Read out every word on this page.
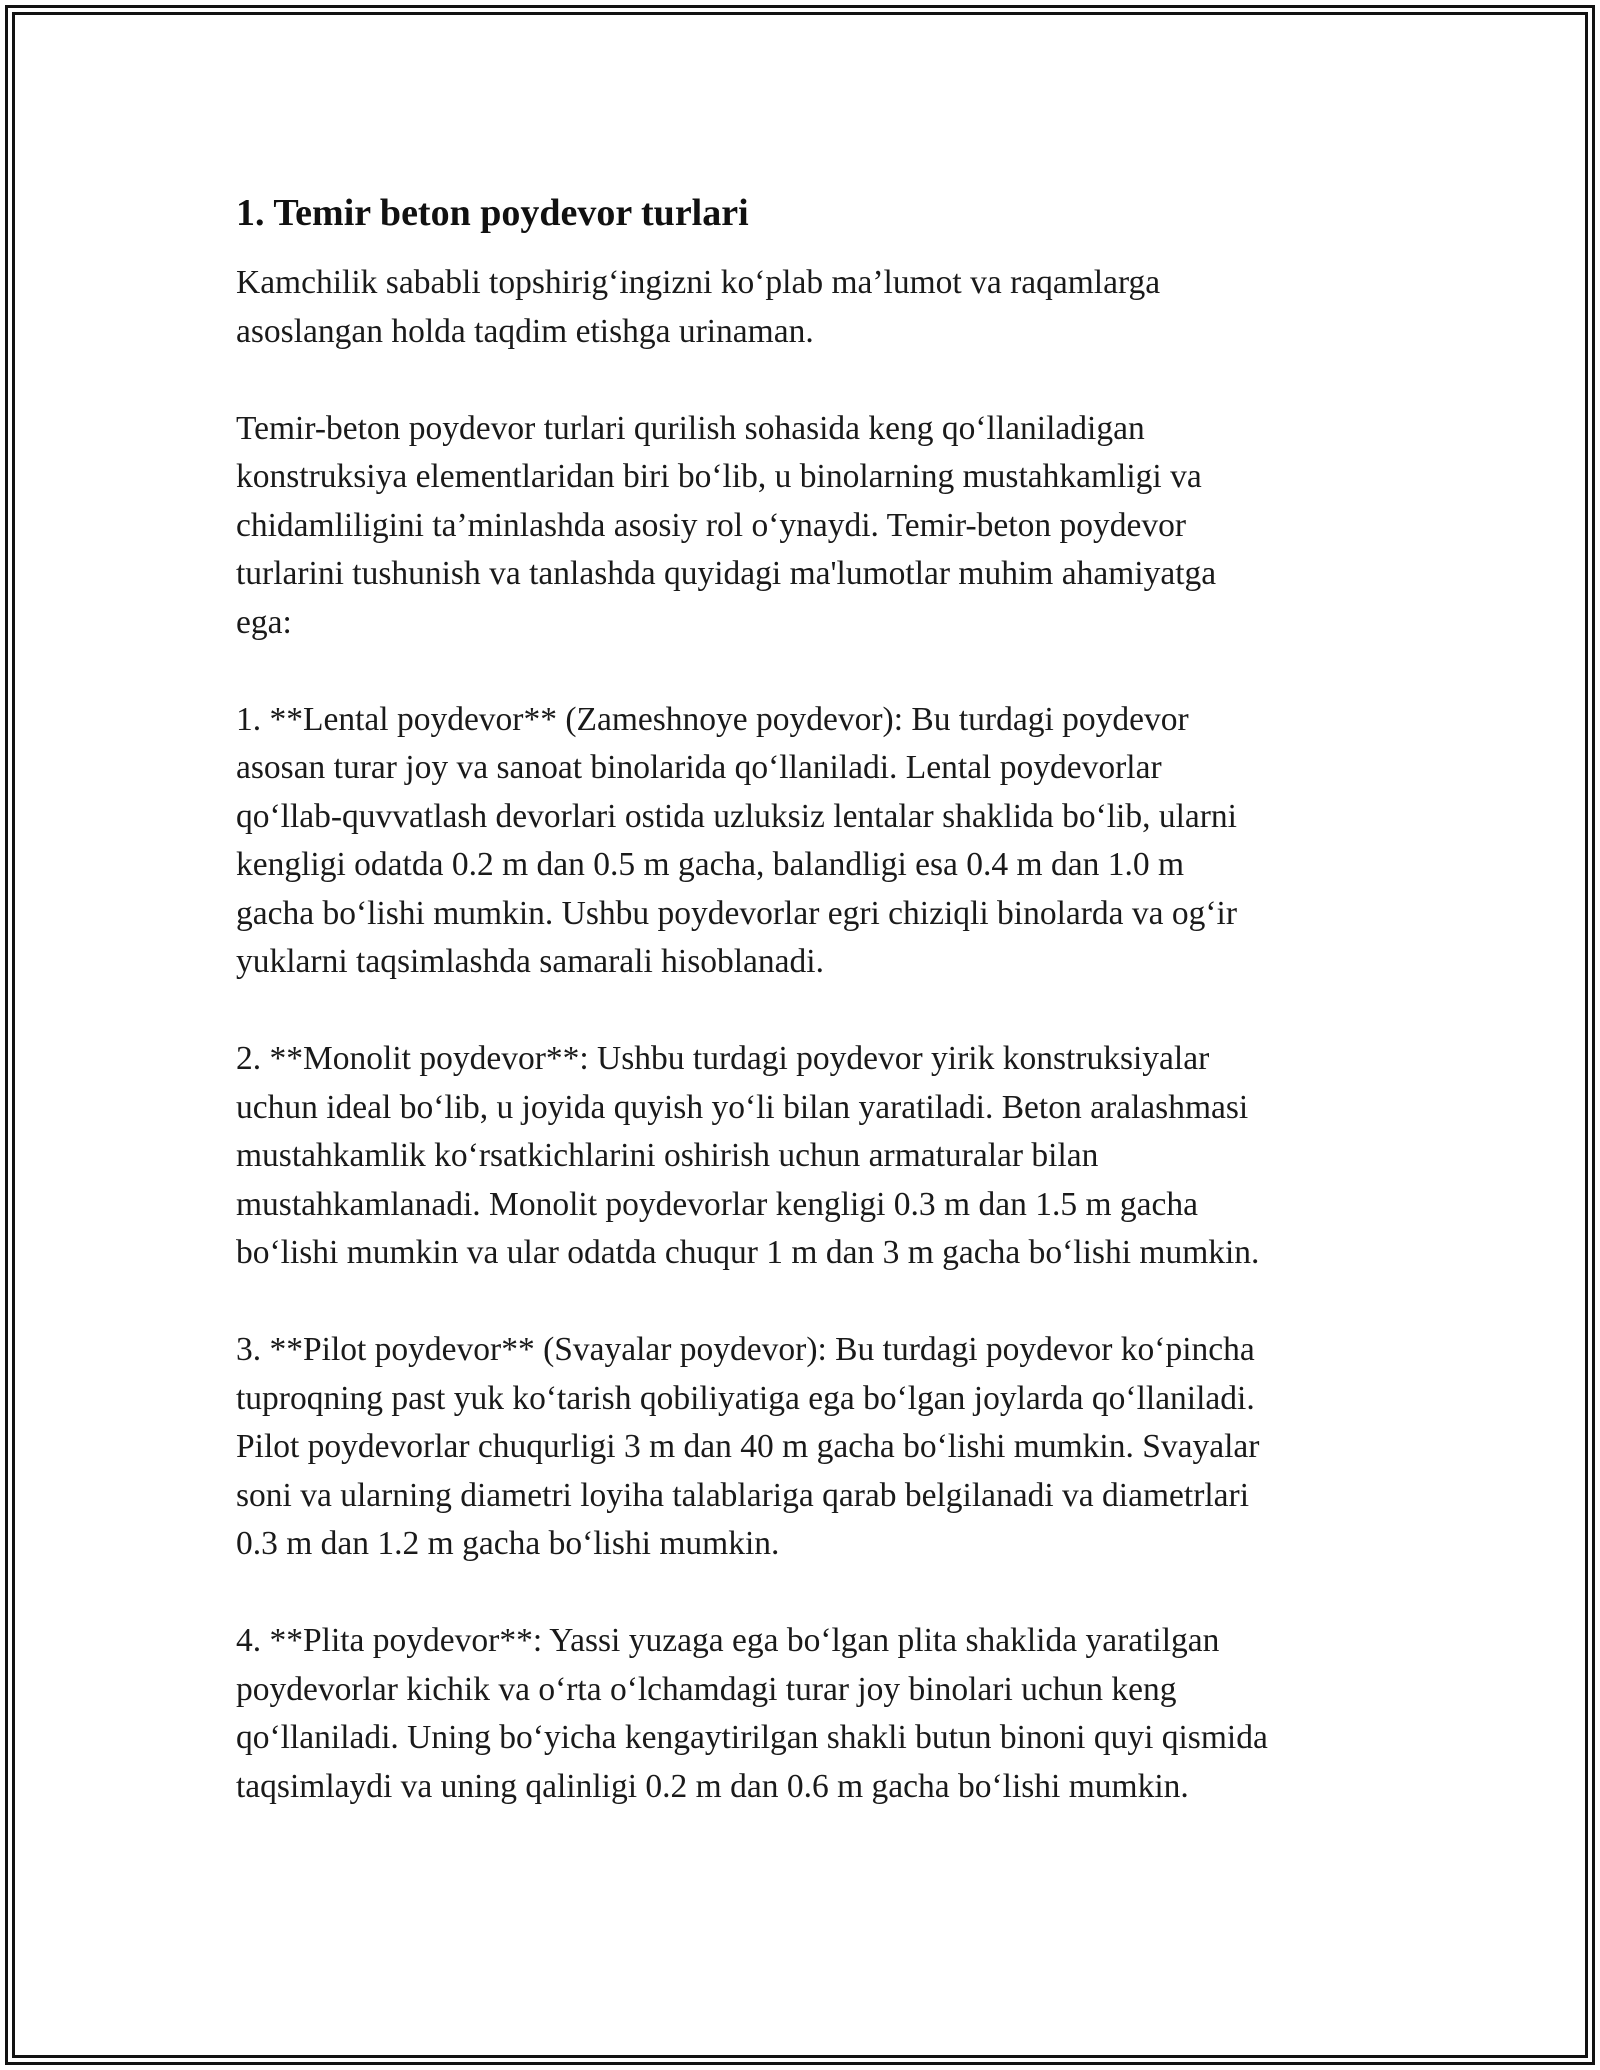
1. Temir beton poydevor turlari

Kamchilik sababli topshirig‘ingizni ko‘plab ma’lumot va raqamlarga
asoslangan holda taqdim etishga urinaman.

Temir-beton poydevor turlari qurilish sohasida keng qo‘llaniladigan
konstruksiya elementlaridan biri bo‘lib, u binolarning mustahkamligi va
chidamliligini ta’minlashda asosiy rol o‘ynaydi. Temir-beton poydevor
turlarini tushunish va tanlashda quyidagi ma'lumotlar muhim ahamiyatga
ega:

1. **Lental poydevor** (Zameshnoye poydevor): Bu turdagi poydevor
asosan turar joy va sanoat binolarida qo‘llaniladi. Lental poydevorlar
qo‘llab-quvvatlash devorlari ostida uzluksiz lentalar shaklida bo‘lib, ularni
kengligi odatda 0.2 m dan 0.5 m gacha, balandligi esa 0.4 m dan 1.0 m
gacha bo‘lishi mumkin. Ushbu poydevorlar egri chiziqli binolarda va og‘ir
yuklarni taqsimlashda samarali hisoblanadi.

2. **Monolit poydevor**: Ushbu turdagi poydevor yirik konstruksiyalar
uchun ideal bo‘lib, u joyida quyish yo‘li bilan yaratiladi. Beton aralashmasi
mustahkamlik ko‘rsatkichlarini oshirish uchun armaturalar bilan
mustahkamlanadi. Monolit poydevorlar kengligi 0.3 m dan 1.5 m gacha
bo‘lishi mumkin va ular odatda chuqur 1 m dan 3 m gacha bo‘lishi mumkin.

3. **Pilot poydevor** (Svayalar poydevor): Bu turdagi poydevor ko‘pincha
tuproqning past yuk ko‘tarish qobiliyatiga ega bo‘lgan joylarda qo‘llaniladi.
Pilot poydevorlar chuqurligi 3 m dan 40 m gacha bo‘lishi mumkin. Svayalar
soni va ularning diametri loyiha talablariga qarab belgilanadi va diametrlari
0.3 m dan 1.2 m gacha bo‘lishi mumkin.

4. **Plita poydevor**: Yassi yuzaga ega bo‘lgan plita shaklida yaratilgan
poydevorlar kichik va o‘rta o‘lchamdagi turar joy binolari uchun keng
qo‘llaniladi. Uning bo‘yicha kengaytirilgan shakli butun binoni quyi qismida
taqsimlaydi va uning qalinligi 0.2 m dan 0.6 m gacha bo‘lishi mumkin.
